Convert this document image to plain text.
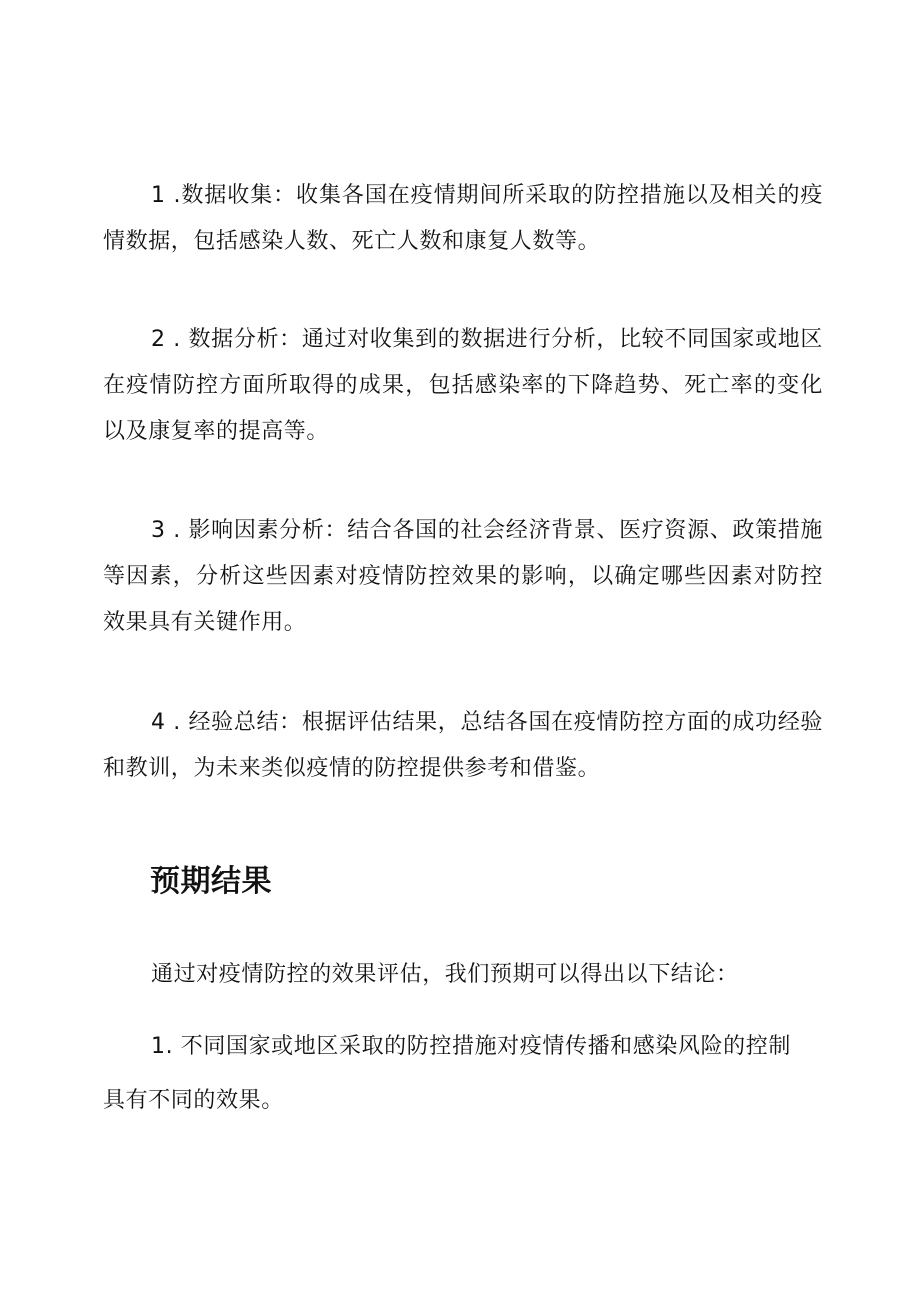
1 .数据收集：收集各国在疫情期间所采取的防控措施以及相关的疫情数据，包括感染人数、死亡人数和康复人数等。

2 . 数据分析：通过对收集到的数据进行分析，比较不同国家或地区在疫情防控方面所取得的成果，包括感染率的下降趋势、死亡率的变化以及康复率的提高等。

3 . 影响因素分析：结合各国的社会经济背景、医疗资源、政策措施等因素，分析这些因素对疫情防控效果的影响，以确定哪些因素对防控效果具有关键作用。

4 . 经验总结：根据评估结果，总结各国在疫情防控方面的成功经验和教训，为未来类似疫情的防控提供参考和借鉴。

预期结果

通过对疫情防控的效果评估，我们预期可以得出以下结论：

1. 不同国家或地区采取的防控措施对疫情传播和感染风险的控制具有不同的效果。
